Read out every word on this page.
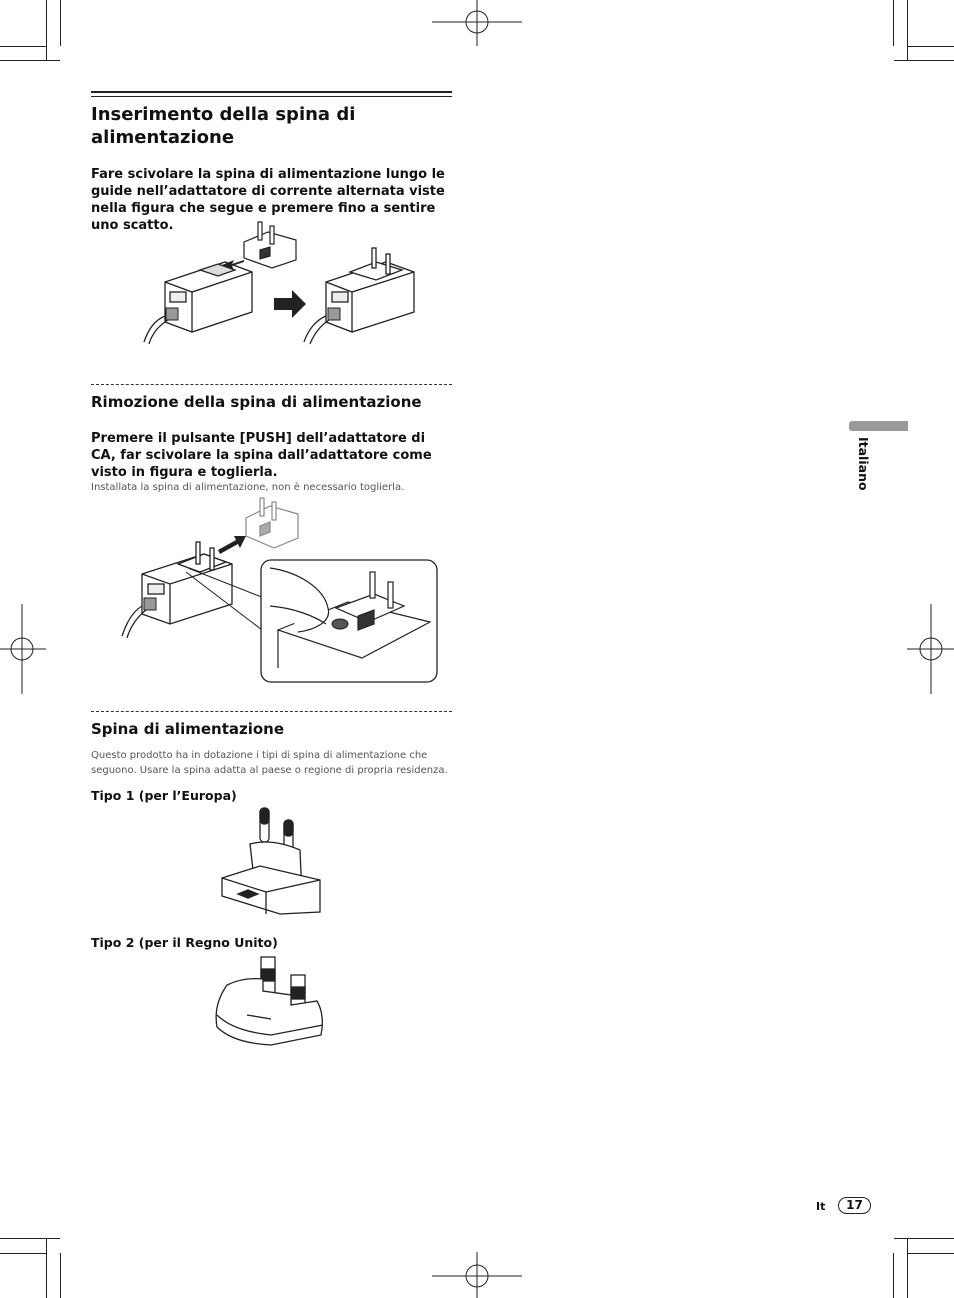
Inserimento della spina di
alimentazione

Fare scivolare la spina di alimentazione lungo le guide nell’adattatore di corrente alternata viste nella figura che segue e premere fino a sentire uno scatto.

Rimozione della spina di alimentazione

Premere il pulsante [PUSH] dell’adattatore di CA, far scivolare la spina dall’adattatore come visto in figura e toglierla.

Installata la spina di alimentazione, non è necessario toglierla.

Spina di alimentazione

Questo prodotto ha in dotazione i tipi di spina di alimentazione che seguono. Usare la spina adatta al paese o regione di propria residenza.

Tipo 1 (per l’Europa)

Tipo 2 (per il Regno Unito)

Italiano
It	17
